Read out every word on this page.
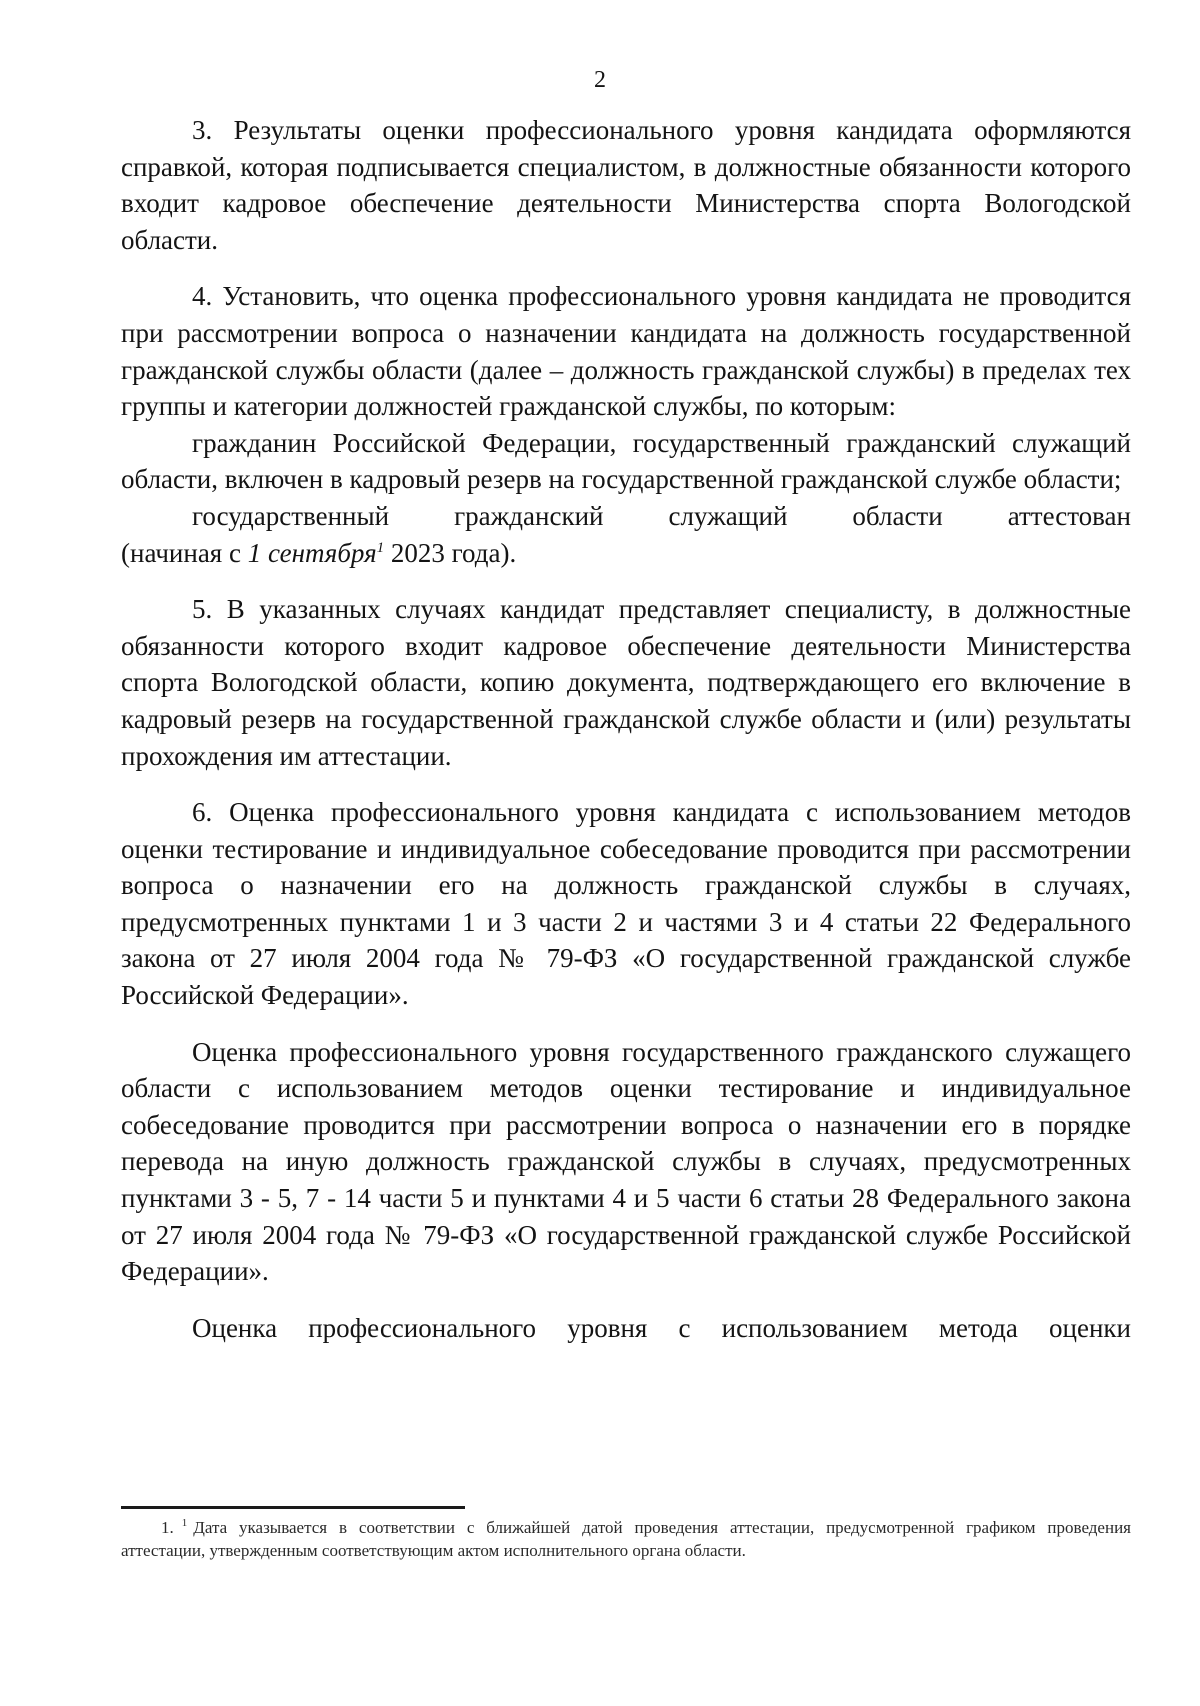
2

3. Результаты оценки профессионального уровня кандидата оформляются справкой, которая подписывается специалистом, в должностные обязанности которого входит кадровое обеспечение деятельности Министерства спорта Вологодской области.

4. Установить, что оценка профессионального уровня кандидата не проводится при рассмотрении вопроса о назначении кандидата на должность государственной гражданской службы области (далее – должность гражданской службы) в пределах тех группы и категории должностей гражданской службы, по которым:

гражданин Российской Федерации, государственный гражданский служащий области, включен в кадровый резерв на государственной гражданской службе области;

государственный гражданский служащий области аттестован

(начиная с 1 сентября$^1$ 2023 года).

5. В указанных случаях кандидат представляет специалисту, в должностные обязанности которого входит кадровое обеспечение деятельности Министерства спорта Вологодской области, копию документа, подтверждающего его включение в кадровый резерв на государственной гражданской службе области и (или) результаты прохождения им аттестации.

6. Оценка профессионального уровня кандидата с использованием методов оценки тестирование и индивидуальное собеседование проводится при рассмотрении вопроса о назначении его на должность гражданской службы в случаях, предусмотренных пунктами 1 и 3 части 2 и частями 3 и 4 статьи 22 Федерального закона от 27 июля 2004 года № 79-ФЗ «О государственной гражданской службе Российской Федерации».

Оценка профессионального уровня государственного гражданского служащего области с использованием методов оценки тестирование и индивидуальное собеседование проводится при рассмотрении вопроса о назначении его в порядке перевода на иную должность гражданской службы в случаях, предусмотренных пунктами 3 - 5, 7 - 14 части 5 и пунктами 4 и 5 части 6 статьи 28 Федерального закона от 27 июля 2004 года № 79-ФЗ «О государственной гражданской службе Российской Федерации».

Оценка профессионального уровня с использованием метода оценки

1. $^1$ Дата указывается в соответствии с ближайшей датой проведения аттестации, предусмотренной графиком проведения аттестации, утвержденным соответствующим актом исполнительного органа области.
